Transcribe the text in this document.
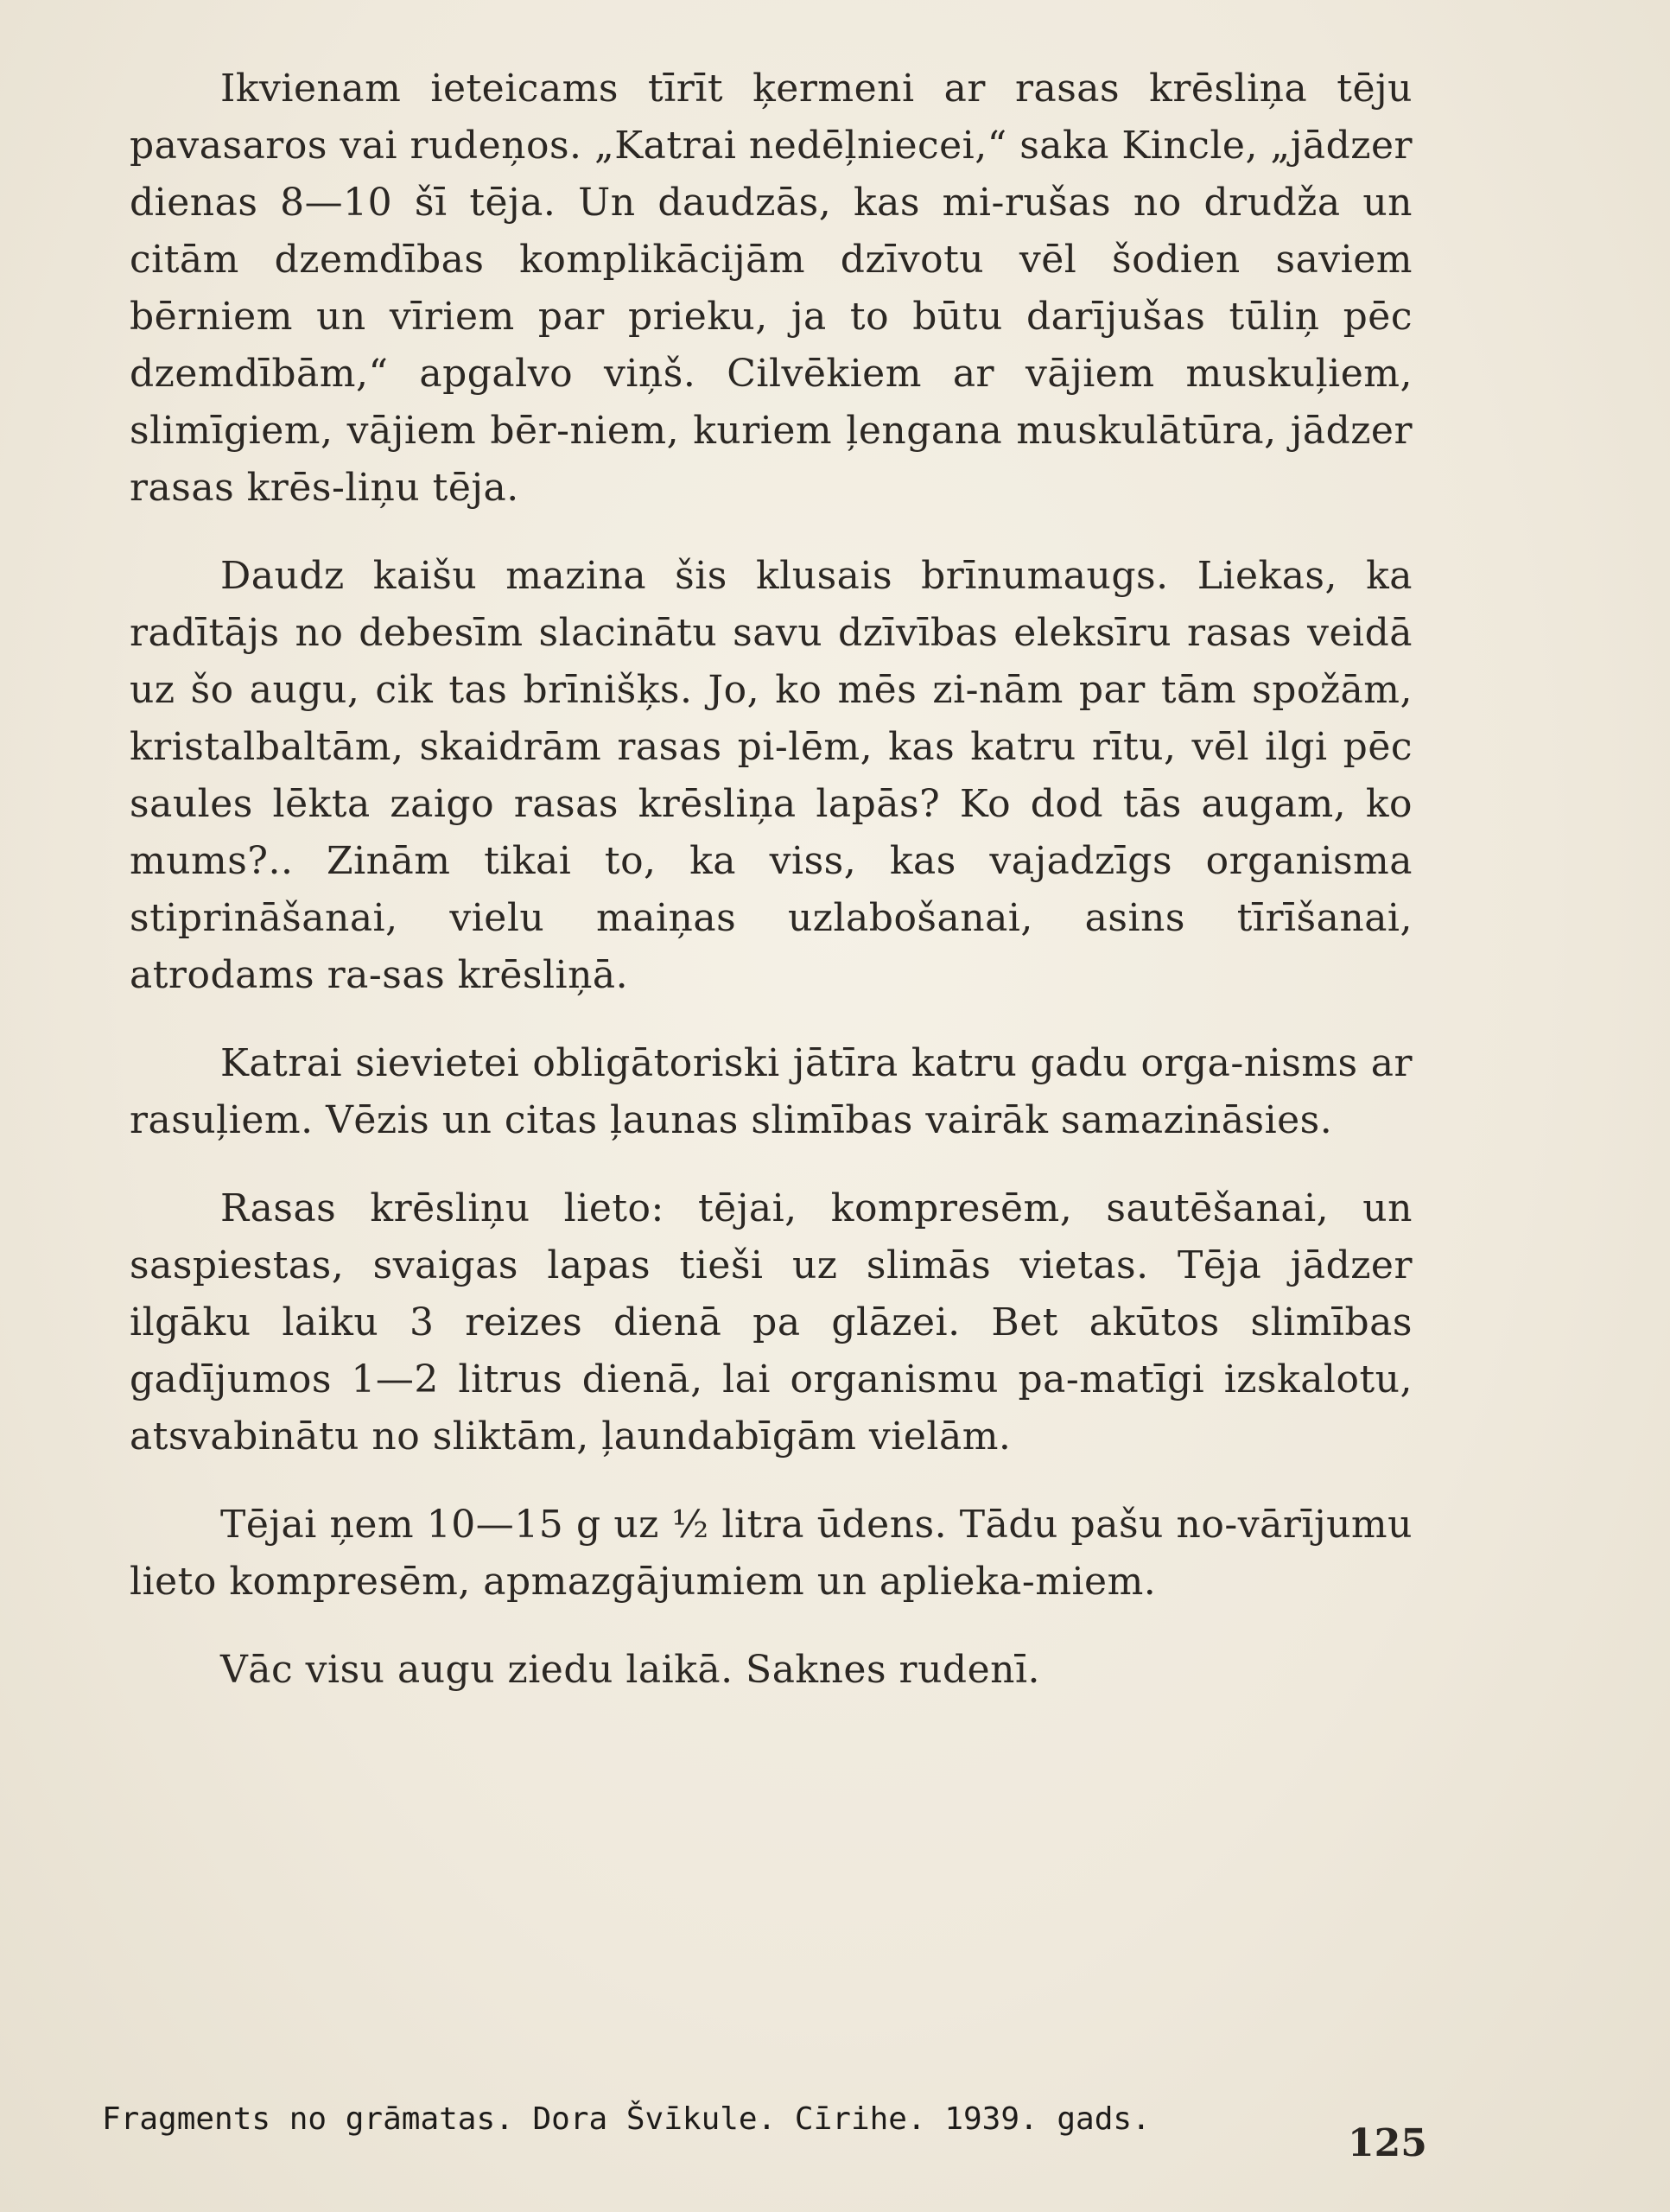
Ikvienam ieteicams tīrīt ķermeni ar rasas krēsliņa tēju pavasaros vai rudeņos. „Katrai nedēļniecei,“ saka Kincle, „jādzer dienas 8—10 šī tēja. Un daudzās, kas mi-rušas no drudža un citām dzemdības komplikācijām dzīvotu vēl šodien saviem bērniem un vīriem par prieku, ja to būtu darījušas tūliņ pēc dzemdībām,“ apgalvo viņš. Cilvēkiem ar vājiem muskuļiem, slimīgiem, vājiem bēr-niem, kuriem ļengana muskulātūra, jādzer rasas krēs-liņu tēja.

Daudz kaišu mazina šis klusais brīnumaugs. Liekas, ka radītājs no debesīm slacinātu savu dzīvības eleksīru rasas veidā uz šo augu, cik tas brīnišķs. Jo, ko mēs zi-nām par tām spožām, kristalbaltām, skaidrām rasas pi-lēm, kas katru rītu, vēl ilgi pēc saules lēkta zaigo rasas krēsliņa lapās? Ko dod tās augam, ko mums?.. Zinām tikai to, ka viss, kas vajadzīgs organisma stiprināšanai, vielu maiņas uzlabošanai, asins tīrīšanai, atrodams ra-sas krēsliņā.

Katrai sievietei obligātoriski jātīra katru gadu orga-nisms ar rasuļiem. Vēzis un citas ļaunas slimības vairāk samazināsies.

Rasas krēsliņu lieto: tējai, kompresēm, sautēšanai, un saspiestas, svaigas lapas tieši uz slimās vietas. Tēja jādzer ilgāku laiku 3 reizes dienā pa glāzei. Bet akūtos slimības gadījumos 1—2 litrus dienā, lai organismu pa-matīgi izskalotu, atsvabinātu no sliktām, ļaundabīgām vielām.

Tējai ņem 10—15 g uz ½ litra ūdens. Tādu pašu no-vārījumu lieto kompresēm, apmazgājumiem un aplieka-miem.

Vāc visu augu ziedu laikā. Saknes rudenī.

Fragments no grāmatas. Dora Švīkule. Cīrihe. 1939. gads.
125
